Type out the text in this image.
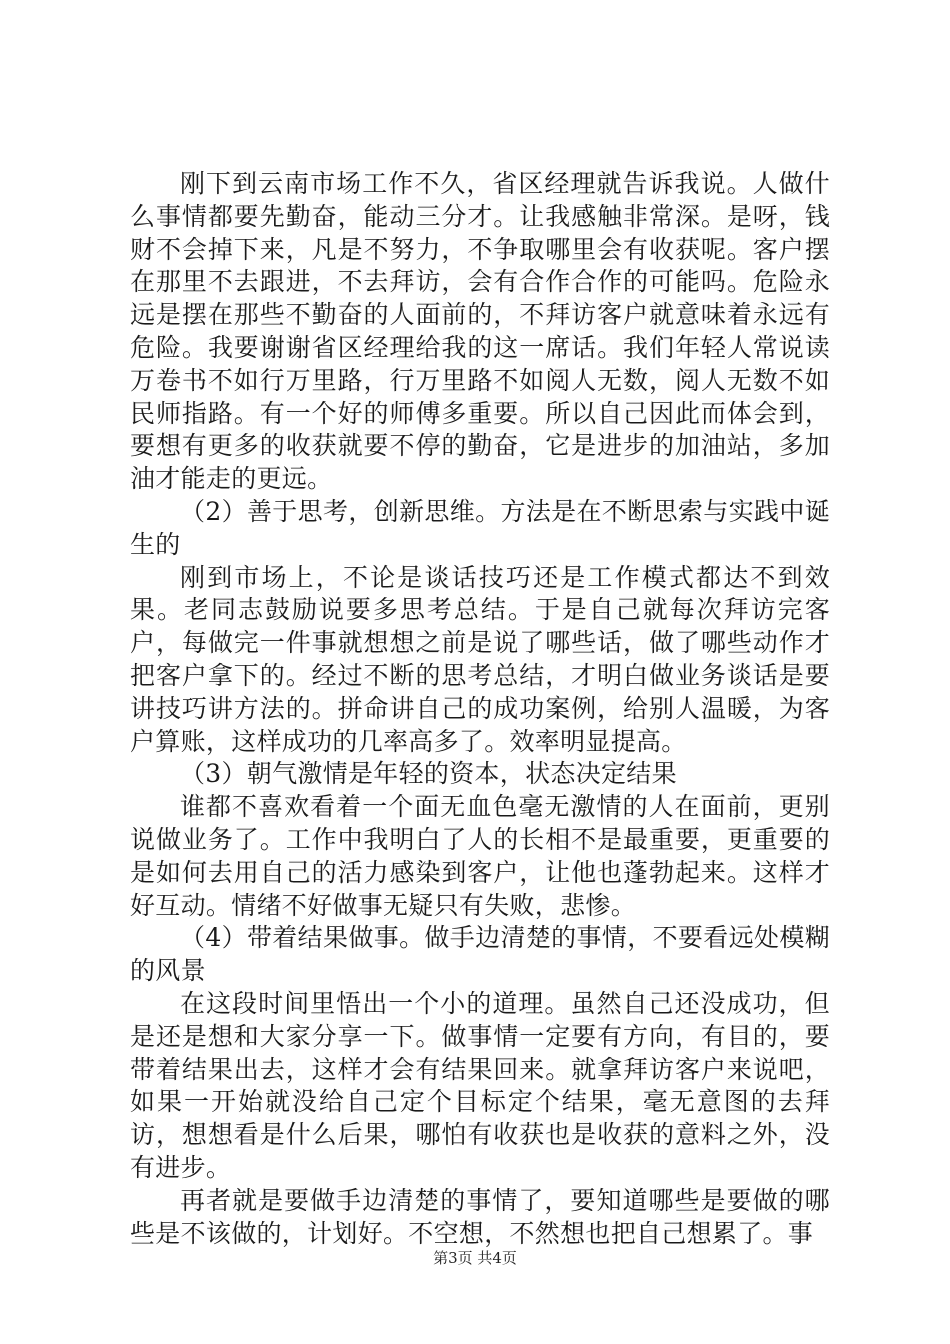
刚下到云南市场工作不久，省区经理就告诉我说。人做什么事情都要先勤奋，能动三分才。让我感触非常深。是呀，钱财不会掉下来，凡是不努力，不争取哪里会有收获呢。客户摆在那里不去跟进，不去拜访，会有合作合作的可能吗。危险永远是摆在那些不勤奋的人面前的，不拜访客户就意味着永远有危险。我要谢谢省区经理给我的这一席话。我们年轻人常说读万卷书不如行万里路，行万里路不如阅人无数，阅人无数不如民师指路。有一个好的师傅多重要。所以自己因此而体会到，要想有更多的收获就要不停的勤奋，它是进步的加油站，多加油才能走的更远。

（2）善于思考，创新思维。方法是在不断思索与实践中诞生的

刚到市场上，不论是谈话技巧还是工作模式都达不到效果。老同志鼓励说要多思考总结。于是自己就每次拜访完客户，每做完一件事就想想之前是说了哪些话，做了哪些动作才把客户拿下的。经过不断的思考总结，才明白做业务谈话是要讲技巧讲方法的。拼命讲自己的成功案例，给别人温暖，为客户算账，这样成功的几率高多了。效率明显提高。

（3）朝气激情是年轻的资本，状态决定结果

谁都不喜欢看着一个面无血色毫无激情的人在面前，更别说做业务了。工作中我明白了人的长相不是最重要，更重要的是如何去用自己的活力感染到客户，让他也蓬勃起来。这样才好互动。情绪不好做事无疑只有失败，悲惨。

（4）带着结果做事。做手边清楚的事情，不要看远处模糊的风景

在这段时间里悟出一个小的道理。虽然自己还没成功，但是还是想和大家分享一下。做事情一定要有方向，有目的，要带着结果出去，这样才会有结果回来。就拿拜访客户来说吧，如果一开始就没给自己定个目标定个结果，毫无意图的去拜访，想想看是什么后果，哪怕有收获也是收获的意料之外，没有进步。

再者就是要做手边清楚的事情了，要知道哪些是要做的哪些是不该做的，计划好。不空想，不然想也把自己想累了。事

第3页 共4页
